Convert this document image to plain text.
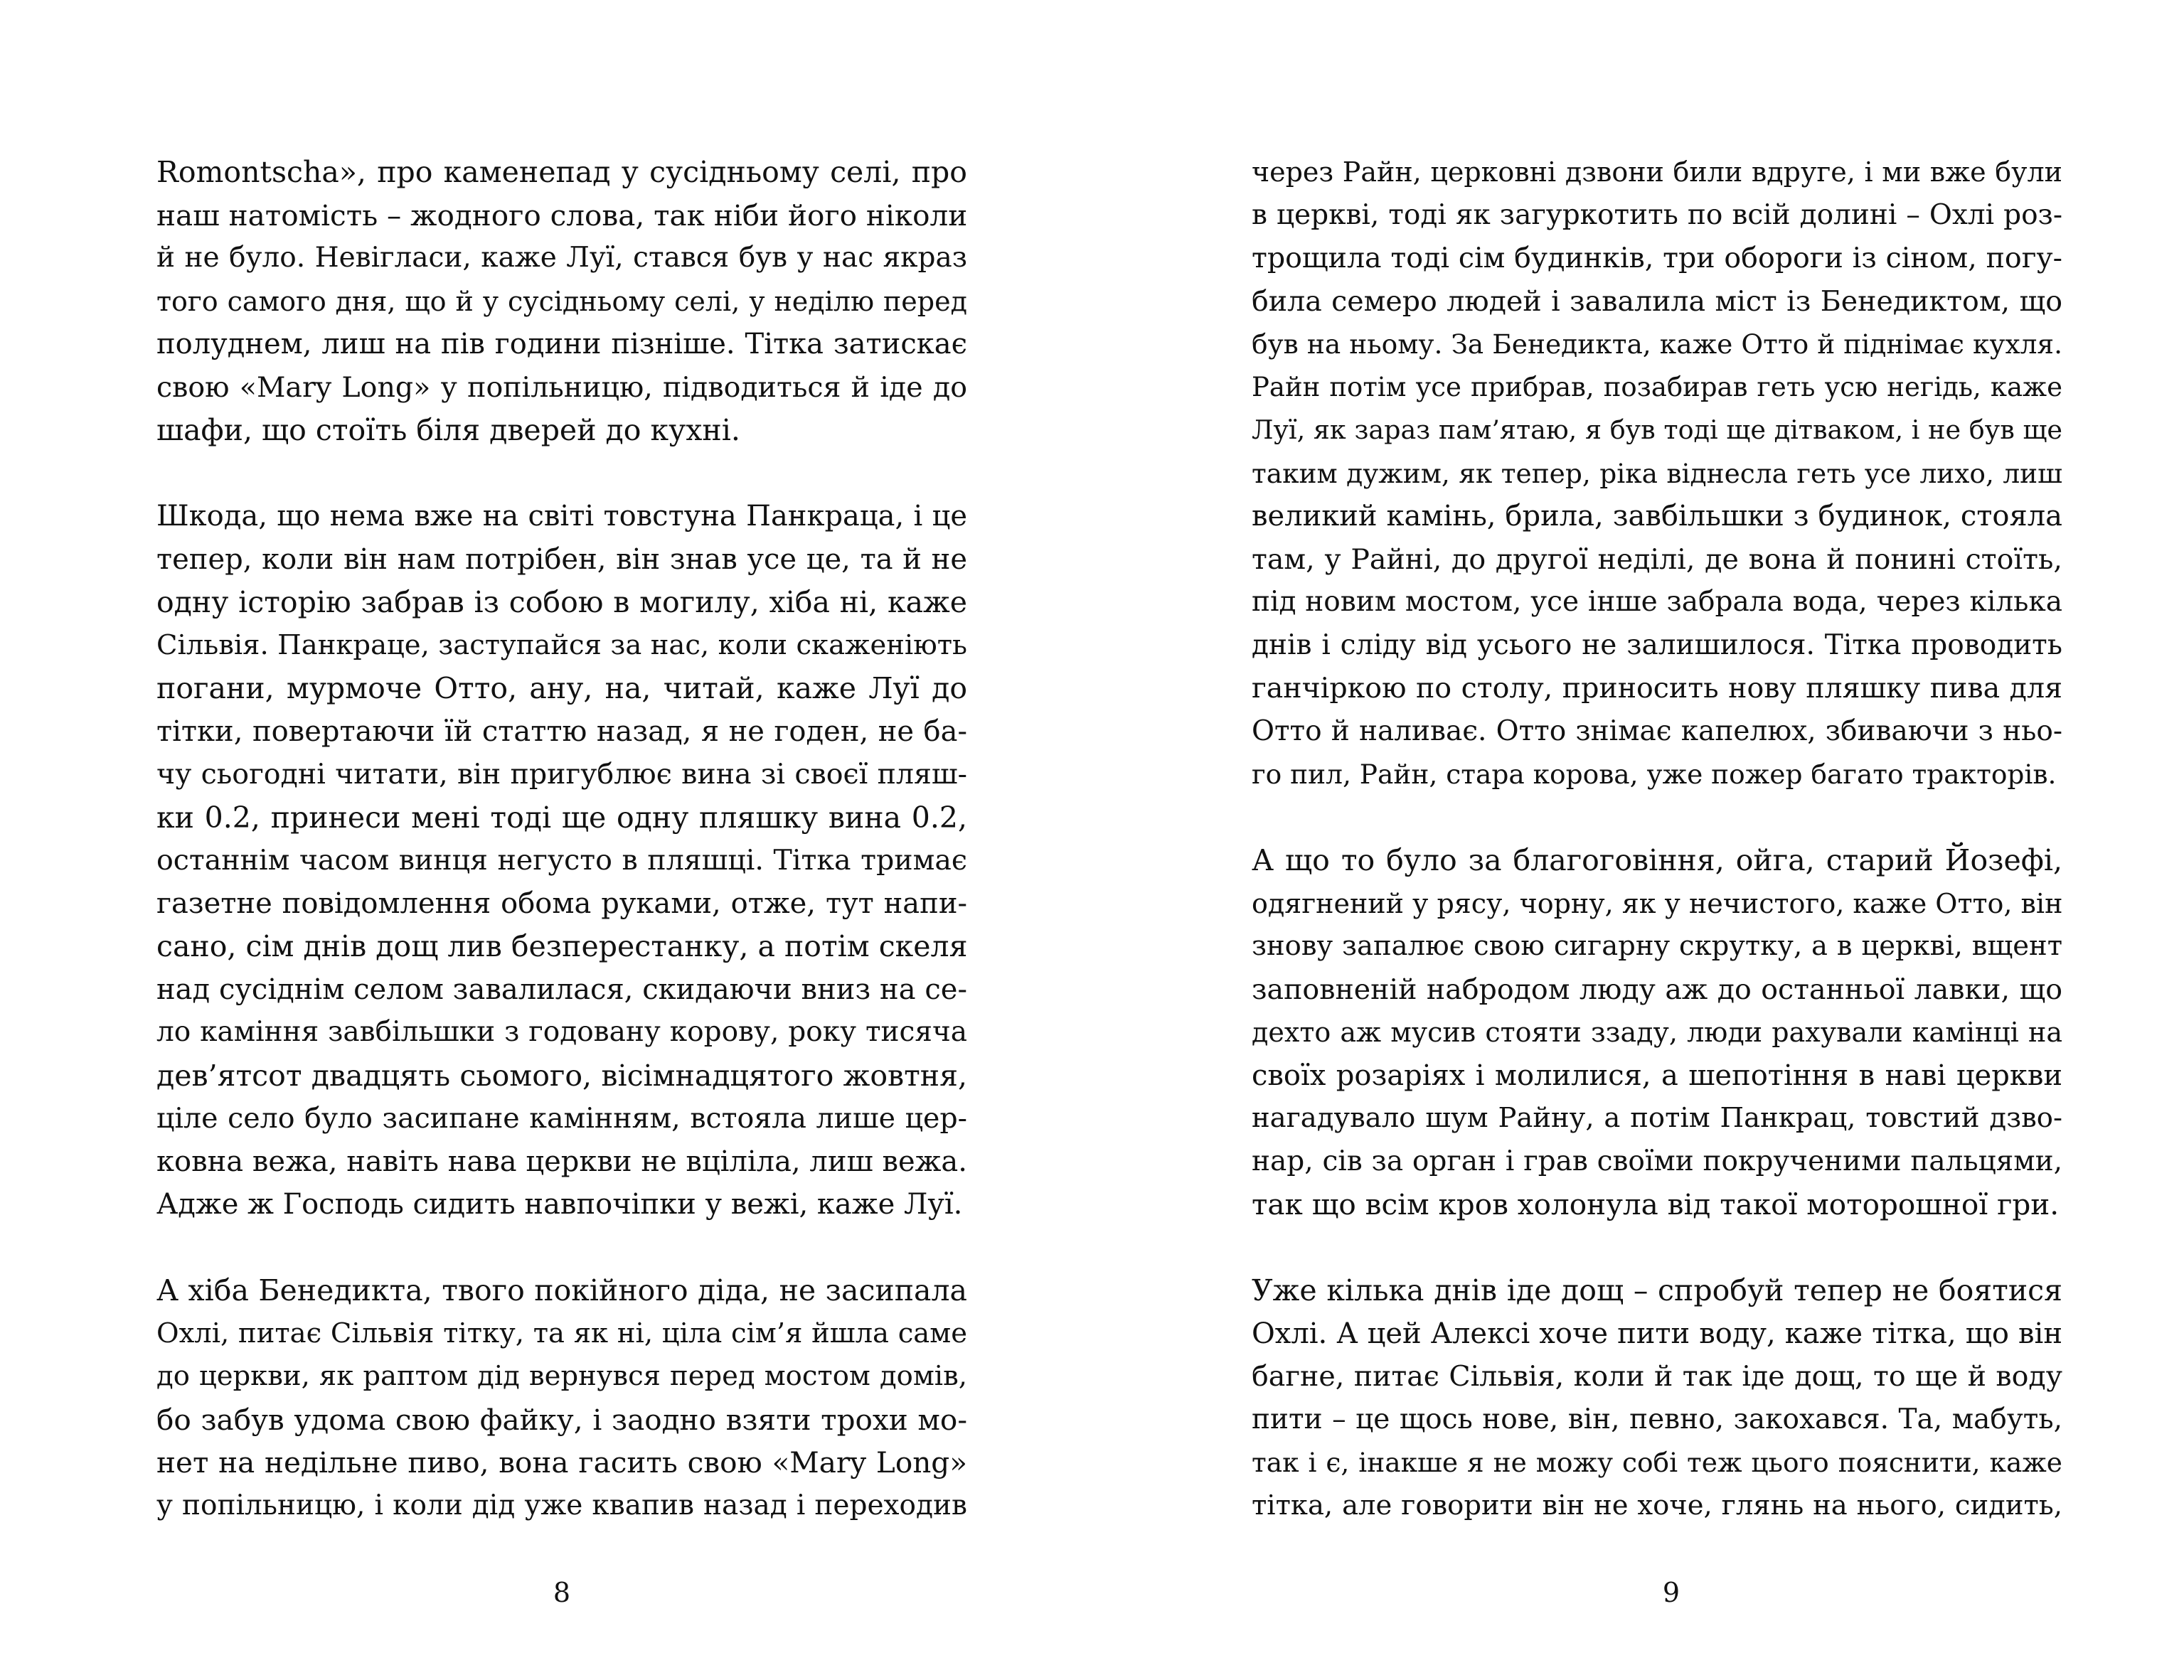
Romontscha», про каменепад у сусідньому селі, про
наш натомість – жодного слова, так ніби його ніколи
й не було. Невігласи, каже Луї, стався був у нас якраз
того самого дня, що й у сусідньому селі, у неділю перед
полуднем, лиш на пів години пізніше. Тітка затискає
свою «Mary Long» у попільницю, підводиться й іде до
шафи, що стоїть біля дверей до кухні.
Шкода, що нема вже на світі товстуна Панкраца, і це
тепер, коли він нам потрібен, він знав усе це, та й не
одну історію забрав із собою в могилу, хіба ні, каже
Сільвія. Панкраце, заступайся за нас, коли скаженіють
погани, мурмоче Отто, ану, на, читай, каже Луї до
тітки, повертаючи їй статтю назад, я не годен, не ба-
чу сьогодні читати, він пригублює вина зі своєї пляш-
ки 0.2, принеси мені тоді ще одну пляшку вина 0.2,
останнім часом винця негусто в пляшці. Тітка тримає
газетне повідомлення обома руками, отже, тут напи-
сано, сім днів дощ лив безперестанку, а потім скеля
над сусіднім селом завалилася, скидаючи вниз на се-
ло каміння завбільшки з годовану корову, року тисяча
дев’ятсот двадцять сьомого, вісімнадцятого жовтня,
ціле село було засипане камінням, встояла лише цер-
ковна вежа, навіть нава церкви не вціліла, лиш вежа.
Адже ж Господь сидить навпочіпки у вежі, каже Луї.
А хіба Бенедикта, твого покійного діда, не засипала
Охлі, питає Сільвія тітку, та як ні, ціла сім’я йшла саме
до церкви, як раптом дід вернувся перед мостом домів,
бо забув удома свою файку, і заодно взяти трохи мо-
нет на недільне пиво, вона гасить свою «Mary Long»
у попільницю, і коли дід уже квапив назад і переходив
8
через Райн, церковні дзвони били вдруге, і ми вже були
в церкві, тоді як загуркотить по всій долині – Охлі роз-
трощила тоді сім будинків, три обороги із сіном, погу-
била семеро людей і завалила міст із Бенедиктом, що
був на ньому. За Бенедикта, каже Отто й піднімає кухля.
Райн потім усе прибрав, позабирав геть усю негідь, каже
Луї, як зараз пам’ятаю, я був тоді ще дітваком, і не був ще
таким дужим, як тепер, ріка віднесла геть усе лихо, лиш
великий камінь, брила, завбільшки з будинок, стояла
там, у Райні, до другої неділі, де вона й понині стоїть,
під новим мостом, усе інше забрала вода, через кілька
днів і сліду від усього не залишилося. Тітка проводить
ганчіркою по столу, приносить нову пляшку пива для
Отто й наливає. Отто знімає капелюх, збиваючи з ньо-
го пил, Райн, стара корова, уже пожер багато тракторів.
А що то було за благоговіння, ойга, старий Йозефі,
одягнений у рясу, чорну, як у нечистого, каже Отто, він
знову запалює свою сигарну скрутку, а в церкві, вщент
заповненій набродом люду аж до останньої лавки, що
дехто аж мусив стояти ззаду, люди рахували камінці на
своїх розаріях і молилися, а шепотіння в наві церкви
нагадувало шум Райну, а потім Панкрац, товстий дзво-
нар, сів за орган і грав своїми покрученими пальцями,
так що всім кров холонула від такої моторошної гри.
Уже кілька днів іде дощ – спробуй тепер не боятися
Охлі. А цей Алексі хоче пити воду, каже тітка, що він
багне, питає Сільвія, коли й так іде дощ, то ще й воду
пити – це щось нове, він, певно, закохався. Та, мабуть,
так і є, інакше я не можу собі теж цього пояснити, каже
тітка, але говорити він не хоче, глянь на нього, сидить,
9
